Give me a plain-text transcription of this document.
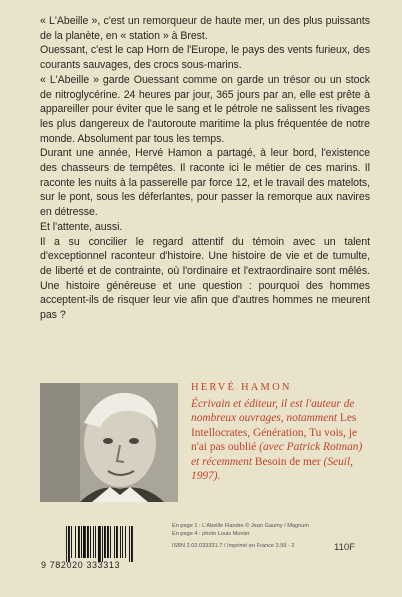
« L'Abeille », c'est un remorqueur de haute mer, un des plus puissants de la planète, en « station » à Brest.

Ouessant, c'est le cap Horn de l'Europe, le pays des vents furieux, des courants sauvages, des crocs sous-marins.

« L'Abeille » garde Ouessant comme on garde un trésor ou un stock de nitroglycérine. 24 heures par jour, 365 jours par an, elle est prête à appareiller pour éviter que le sang et le pétrole ne salissent les rivages les plus dangereux de l'autoroute maritime la plus fréquentée de notre monde. Absolument par tous les temps.

Durant une année, Hervé Hamon a partagé, à leur bord, l'existence des chasseurs de tempêtes. Il raconte ici le métier de ces marins. Il raconte les nuits à la passerelle par force 12, et le travail des matelots, sur le pont, sous les déferlantes, pour passer la remorque aux navires en détresse.

Et l'attente, aussi.

Il a su concilier le regard attentif du témoin avec un talent d'exceptionnel raconteur d'histoire. Une histoire de vie et de tumulte, de liberté et de contrainte, où l'ordinaire et l'extraordinaire sont mêlés. Une histoire généreuse et une question : pourquoi des hommes acceptent-ils de risquer leur vie afin que d'autres hommes ne meurent pas ?

HERVÉ HAMON
Écrivain et éditeur, il est l'auteur de nombreux ouvrages, notamment Les Intellocrates, Génération, Tu vois, je n'ai pas oublié (avec Patrick Rotman) et récemment Besoin de mer (Seuil, 1997).
9 782020 333313
En page 1 : L'Abeille Flandre © Jean Gaumy / Magnum
En page 4 : photo Louis Monier
ISBN 2.02.033331.7 / Imprimé en France 3.99 - 2	110F
